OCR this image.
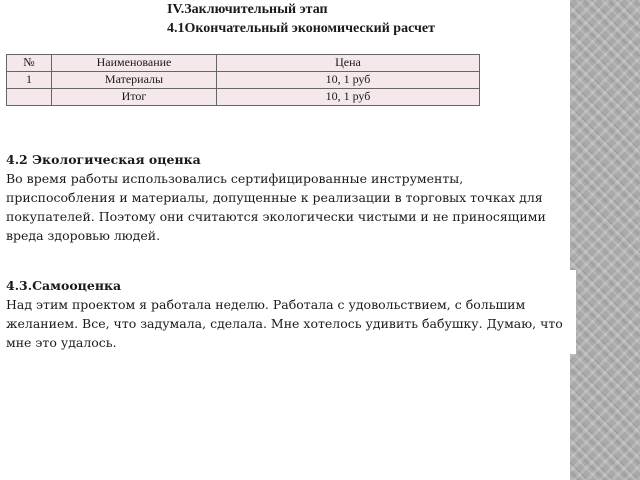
IV.Заключительный этап
4.1Окончательный экономический расчет
№	Наименование	Цена
1	Материалы	10, 1 руб
	Итог	10, 1 руб
4.2 Экологическая оценка
Во время работы использовались сертифицированные инструменты, приспособления и материалы, допущенные к реализации в торговых точках для покупателей. Поэтому они считаются экологически чистыми и не приносящими вреда здоровью людей.
4.3.Самооценка
Над этим проектом я работала неделю. Работала с удовольствием, с большим желанием. Все, что задумала, сделала. Мне хотелось удивить бабушку. Думаю, что мне это удалось.
